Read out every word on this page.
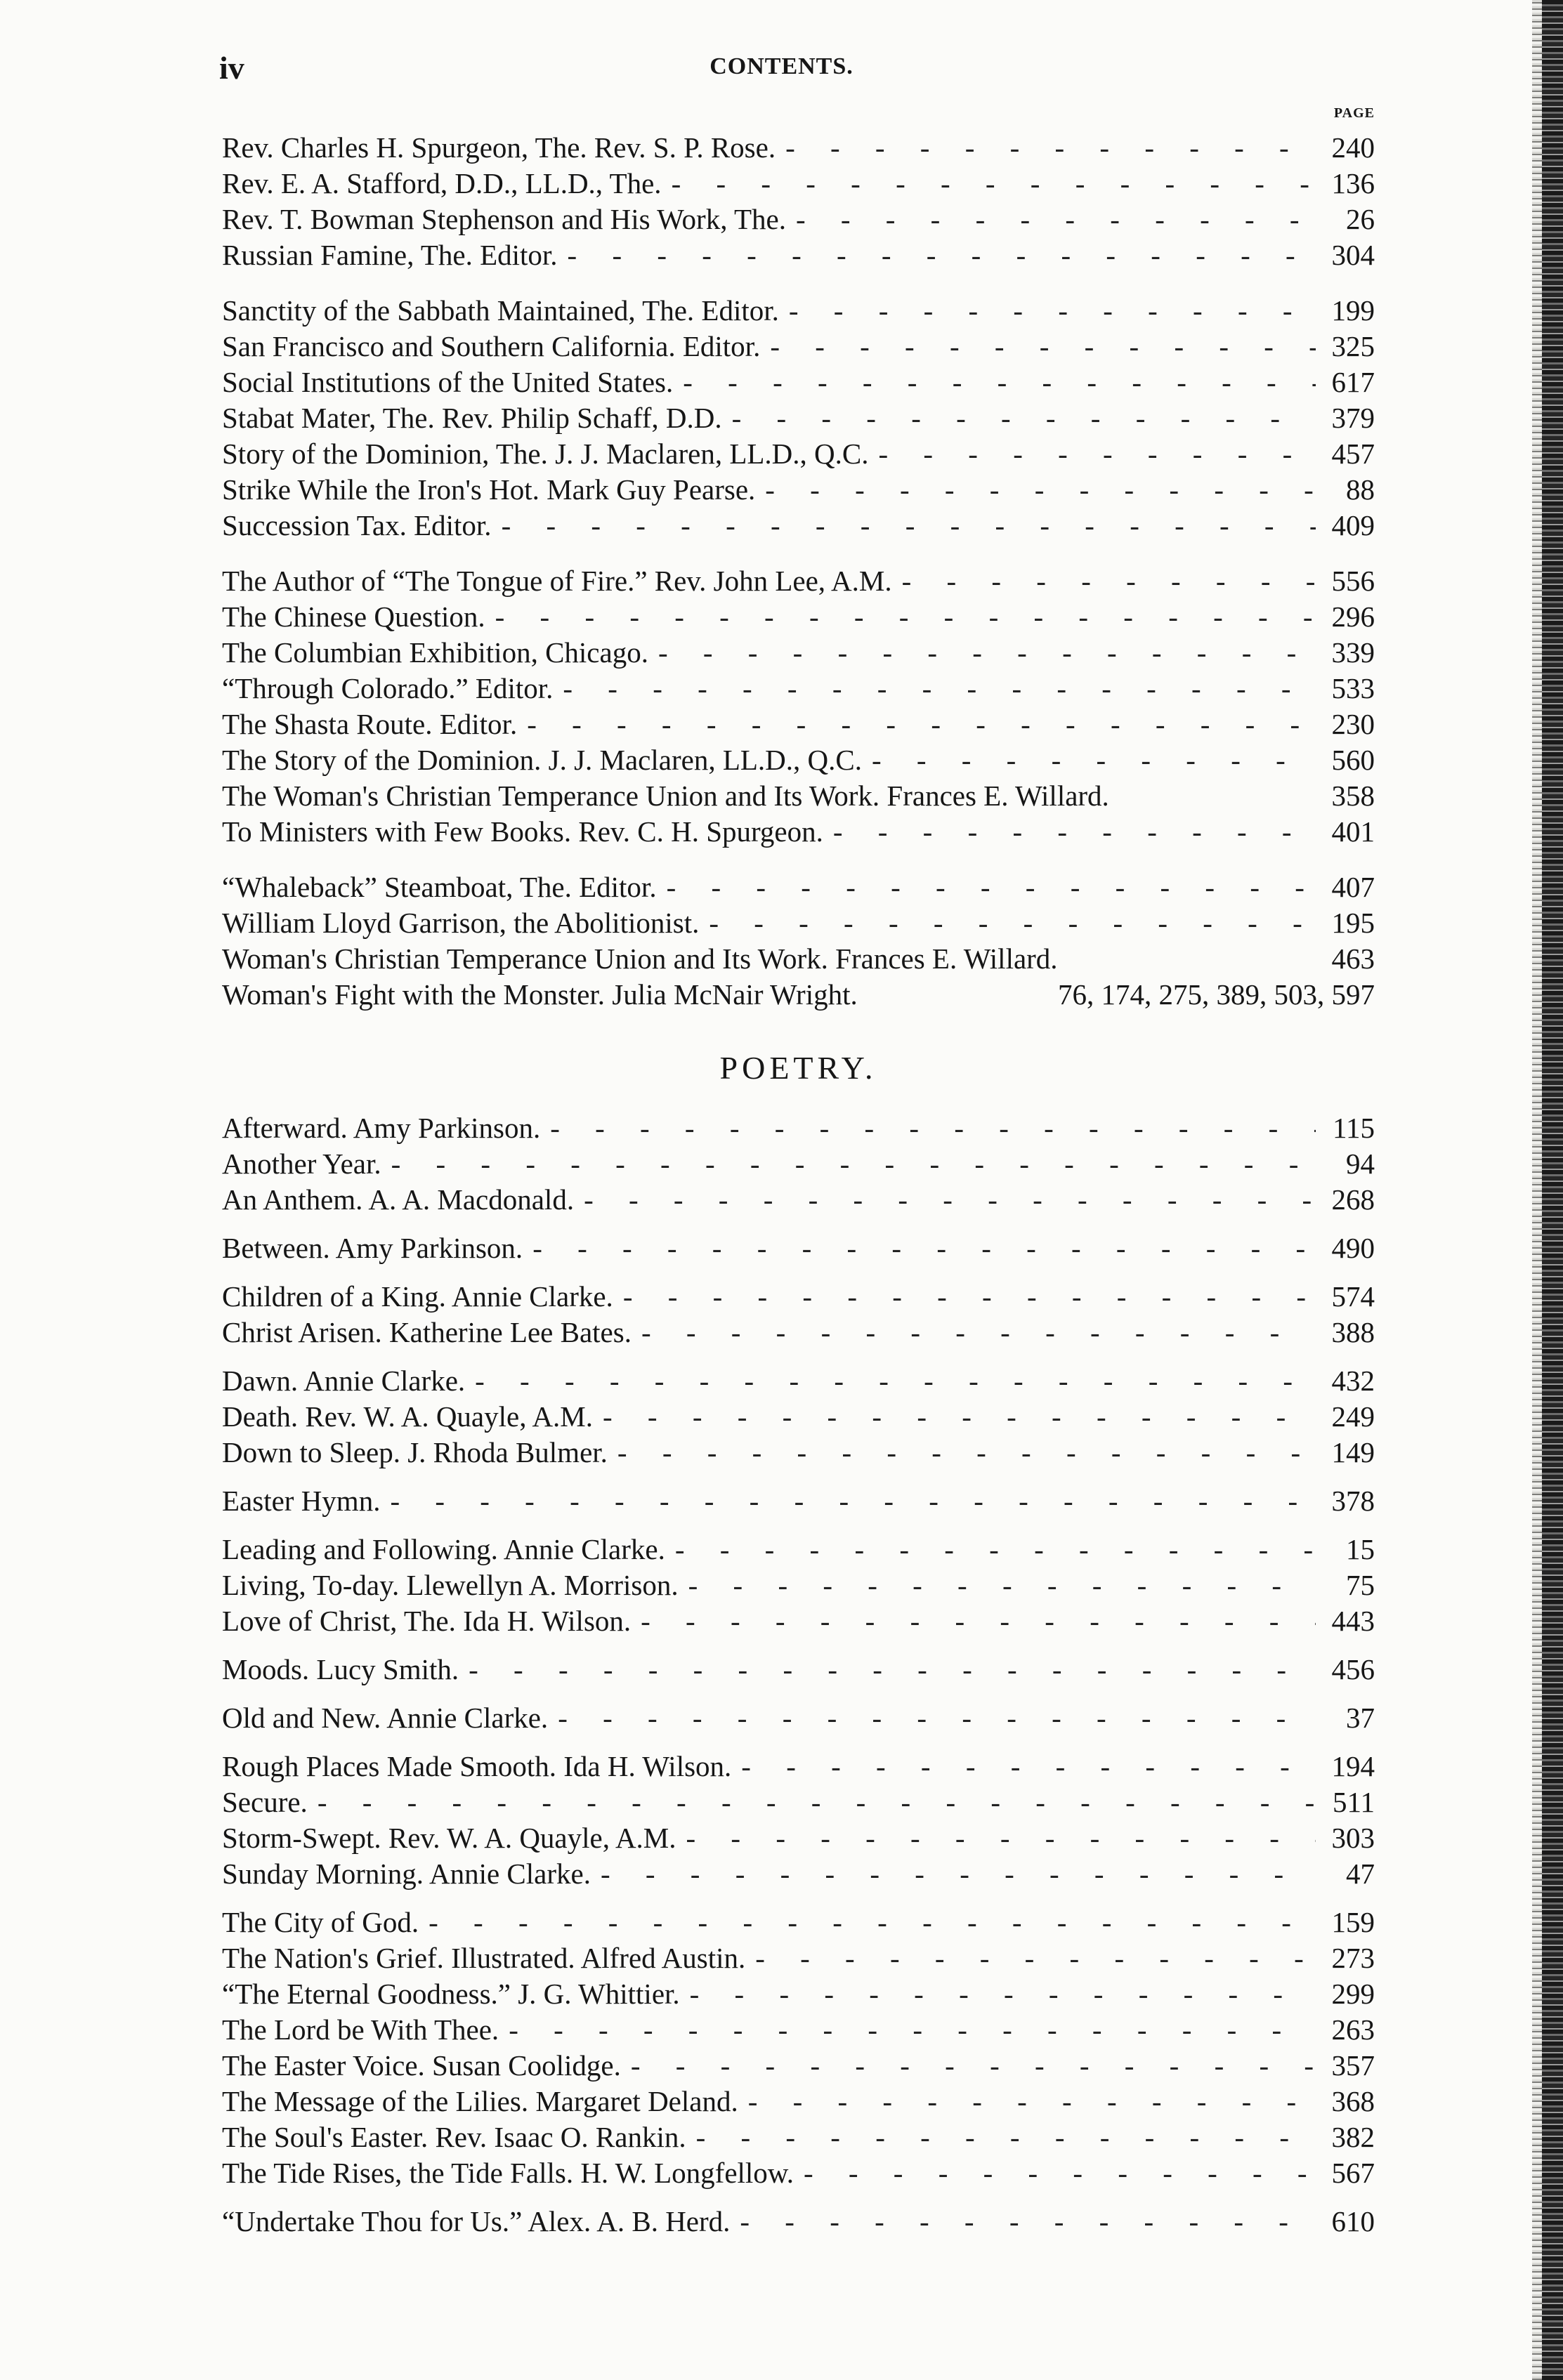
iv	CONTENTS.
PAGE
Rev. Charles H. Spurgeon, The. Rev. S. P. Rose. - - -	240
Rev. E. A. Stafford, D.D., LL.D., The. - - -	136
Rev. T. Bowman Stephenson and His Work, The. - - -	26
Russian Famine, The. Editor. - - -	304
Sanctity of the Sabbath Maintained, The. Editor. - - -	199
San Francisco and Southern California. Editor. - - -	325
Social Institutions of the United States. - - -	617
Stabat Mater, The. Rev. Philip Schaff, D.D. - - -	379
Story of the Dominion, The. J. J. Maclaren, LL.D., Q.C. - - -	457
Strike While the Iron's Hot. Mark Guy Pearse. - - -	88
Succession Tax. Editor. - - -	409
The Author of “The Tongue of Fire.” Rev. John Lee, A.M. - - -	556
The Chinese Question. - - -	296
The Columbian Exhibition, Chicago. - - -	339
“Through Colorado.” Editor. - - -	533
The Shasta Route. Editor. - - -	230
The Story of the Dominion. J. J. Maclaren, LL.D., Q.C. - - -	560
The Woman's Christian Temperance Union and Its Work. Frances E. Willard.	358
To Ministers with Few Books. Rev. C. H. Spurgeon. - - -	401
“Whaleback” Steamboat, The. Editor. - - -	407
William Lloyd Garrison, the Abolitionist. - - -	195
Woman's Christian Temperance Union and Its Work. Frances E. Willard.	463
Woman's Fight with the Monster. Julia McNair Wright.	76, 174, 275, 389, 503, 597
POETRY.
Afterward. Amy Parkinson. - - -	115
Another Year. - - -	94
An Anthem. A. A. Macdonald. - - -	268
Between. Amy Parkinson. - - -	490
Children of a King. Annie Clarke. - - -	574
Christ Arisen. Katherine Lee Bates. - - -	388
Dawn. Annie Clarke. - - -	432
Death. Rev. W. A. Quayle, A.M. - - -	249
Down to Sleep. J. Rhoda Bulmer. - - -	149
Easter Hymn. - - -	378
Leading and Following. Annie Clarke. - - -	15
Living, To-day. Llewellyn A. Morrison. - - -	75
Love of Christ, The. Ida H. Wilson. - - -	443
Moods. Lucy Smith. - - -	456
Old and New. Annie Clarke. - - -	37
Rough Places Made Smooth. Ida H. Wilson. - - -	194
Secure. - - -	511
Storm-Swept. Rev. W. A. Quayle, A.M. - - -	303
Sunday Morning. Annie Clarke. - - -	47
The City of God. - - -	159
The Nation's Grief. Illustrated. Alfred Austin. - - -	273
“The Eternal Goodness.” J. G. Whittier. - - -	299
The Lord be With Thee. - - -	263
The Easter Voice. Susan Coolidge. - - -	357
The Message of the Lilies. Margaret Deland. - - -	368
The Soul's Easter. Rev. Isaac O. Rankin. - - -	382
The Tide Rises, the Tide Falls. H. W. Longfellow. - - -	567
“Undertake Thou for Us.” Alex. A. B. Herd. - - -	610
